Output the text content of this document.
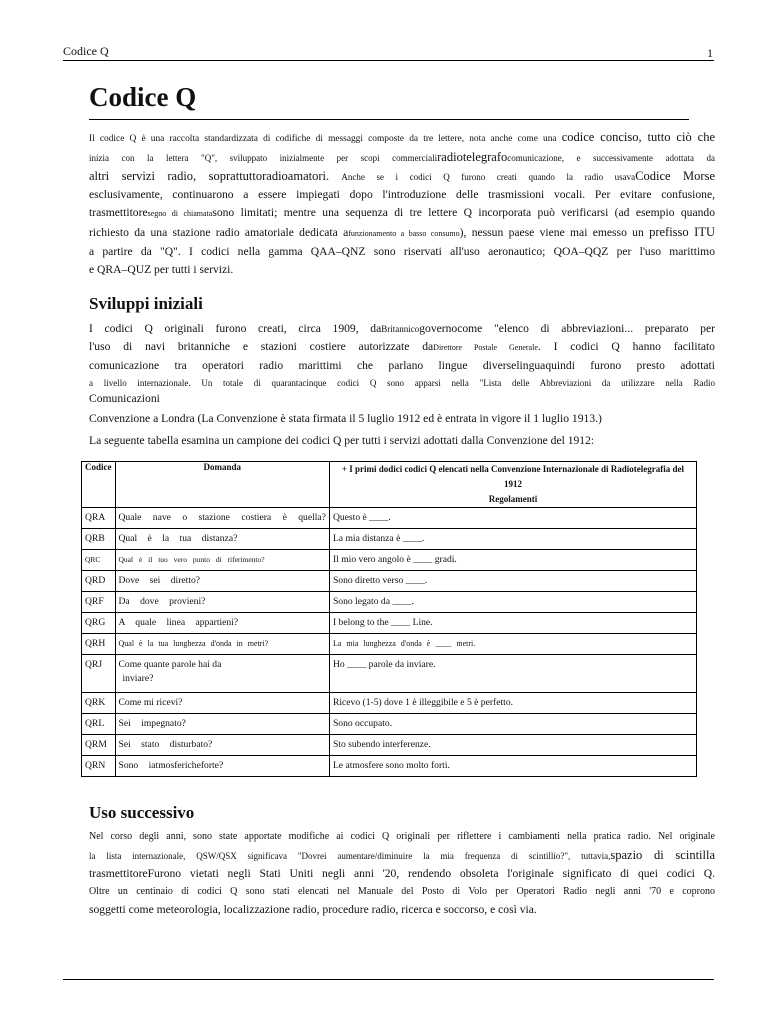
Codice Q	1
Codice Q
Il codice Q è una raccolta standardizzata di codifiche di messaggi composte da tre lettere, nota anche come una codice conciso, tutto ciò che
inizia con la lettera "Q", sviluppato inizialmente per scopi commercialiradiotelegrafocomunicazione, e successivamente adottata da
altri servizi radio, soprattuttoradioamatori. Anche se i codici Q furono creati quando la radio usavaCodice Morse
esclusivamente, continuarono a essere impiegati dopo l'introduzione delle trasmissioni vocali. Per evitare confusione,
trasmettitoresegno di chiamatasono limitati; mentre una sequenza di tre lettere Q incorporata può verificarsi (ad esempio quando
richiesto da una stazione radio amatoriale dedicata afunzionamento a basso consumo), nessun paese viene mai emesso un prefisso ITU
a partire da "Q". I codici nella gamma QAA–QNZ sono riservati all'uso aeronautico; QOA–QQZ per l'uso marittimo
e QRA–QUZ per tutti i servizi.
Sviluppi iniziali
I codici Q originali furono creati, circa 1909, daBritannicogovernocome "elenco di abbreviazioni... preparato per
l'uso di navi britanniche e stazioni costiere autorizzate daDirettore Postale Generale. I codici Q hanno facilitato
comunicazione tra operatori radio marittimi che parlano lingue diverselinguaquindi furono presto adottati
a livello internazionale. Un totale di quarantacinque codici Q sono apparsi nella "Lista delle Abbreviazioni da utilizzare nella Radio
Comunicazioni

Convenzione a Londra (La Convenzione è stata firmata il 5 luglio 1912 ed è entrata in vigore il 1 luglio 1913.)

La seguente tabella esamina un campione dei codici Q per tutti i servizi adottati dalla Convenzione del 1912:

Codice	Domanda	+ I primi dodici codici Q elencati nella Convenzione Internazionale di Radiotelegrafia del 1912
Regolamenti
QRA	Quale nave o stazione costiera è quella?	Questo è ____.
QRB	Qual è la tua distanza?	La mia distanza è ____.
QRC	Qual è il tuo vero punto di riferimento?	Il mio vero angolo è ____ gradi.
QRD	Dove sei diretto?	Sono diretto verso ____.
QRF	Da dove provieni?	Sono legato da ____.
QRG	A quale linea appartieni?	I belong to the ____ Line.
QRH	Qual è la tua lunghezza d'onda in metri?	La mia lunghezza d'onda è ____ metri.
QRJ	Come quante parole hai da
inviare?	Ho ____ parole da inviare.
QRK	Come mi ricevi?	Ricevo (1-5) dove 1 è illeggibile e 5 è perfetto.
QRL	Sei impegnato?	Sono occupato.
QRM	Sei stato disturbato?	Sto subendo interferenze.
QRN	Sono iatmosfericheforte?	Le atmosfere sono molto forti.
Uso successivo
Nel corso degli anni, sono state apportate modifiche ai codici Q originali per riflettere i cambiamenti nella pratica radio. Nel originale
la lista internazionale, QSW/QSX significava "Dovrei aumentare/diminuire la mia frequenza di scintillio?", tuttavia,spazio di scintilla
trasmettitoreFurono vietati negli Stati Uniti negli anni '20, rendendo obsoleta l'originale significato di quei codici Q.
Oltre un centinaio di codici Q sono stati elencati nel Manuale del Posto di Volo per Operatori Radio negli anni '70 e coprono
soggetti come meteorologia, localizzazione radio, procedure radio, ricerca e soccorso, e così via.
